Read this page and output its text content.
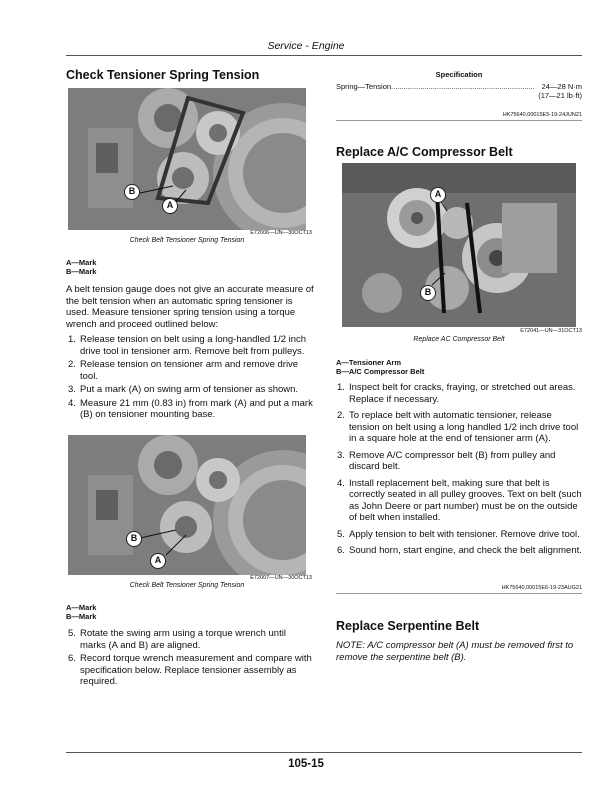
Service - Engine
Check Tensioner Spring Tension
B
A
E72006—UN—30OCT13
Check Belt Tensioner Spring Tension
A—Mark
B—Mark
A belt tension gauge does not give an accurate measure of the belt tension when an automatic spring tensioner is used. Measure tensioner spring tension using a torque wrench and proceed outlined below:
1. Release tension on belt using a long-handled 1/2 inch drive tool in tensioner arm. Remove belt from pulleys.
2. Release tension on tensioner arm and remove drive tool.
3. Put a mark (A) on swing arm of tensioner as shown.
4. Measure 21 mm (0.83 in) from mark (A) and put a mark (B) on tensioner mounting base.
B
A
E72007—UN—30OCT13
Check Belt Tensioner Spring Tension
A—Mark
B—Mark
5. Rotate the swing arm using a torque wrench until marks (A and B) are aligned.
6. Record torque wrench measurement and compare with specification below. Replace tensioner assembly as required.
Specification
Spring—Tension ..................................................................... 24—28 N·m
(17—21 lb·ft)
HK75640,00015E5-19-24JUN21
Replace A/C Compressor Belt
A
B
E72041—UN—31OCT13
Replace AC Compressor Belt
A—Tensioner Arm
B—A/C Compressor Belt
1. Inspect belt for cracks, fraying, or stretched out areas. Replace if necessary.
2. To replace belt with automatic tensioner, release tension on belt using a long handled 1/2 inch drive tool in a square hole at the end of tensioner arm (A).
3. Remove A/C compressor belt (B) from pulley and discard belt.
4. Install replacement belt, making sure that belt is correctly seated in all pulley grooves. Text on belt (such as John Deere or part number) must be on the outside of belt when installed.
5. Apply tension to belt with tensioner. Remove drive tool.
6. Sound horn, start engine, and check the belt alignment.
HK75640,00015E6-19-23AUG21
Replace Serpentine Belt
NOTE: A/C compressor belt (A) must be removed first to remove the serpentine belt (B).
105-15
